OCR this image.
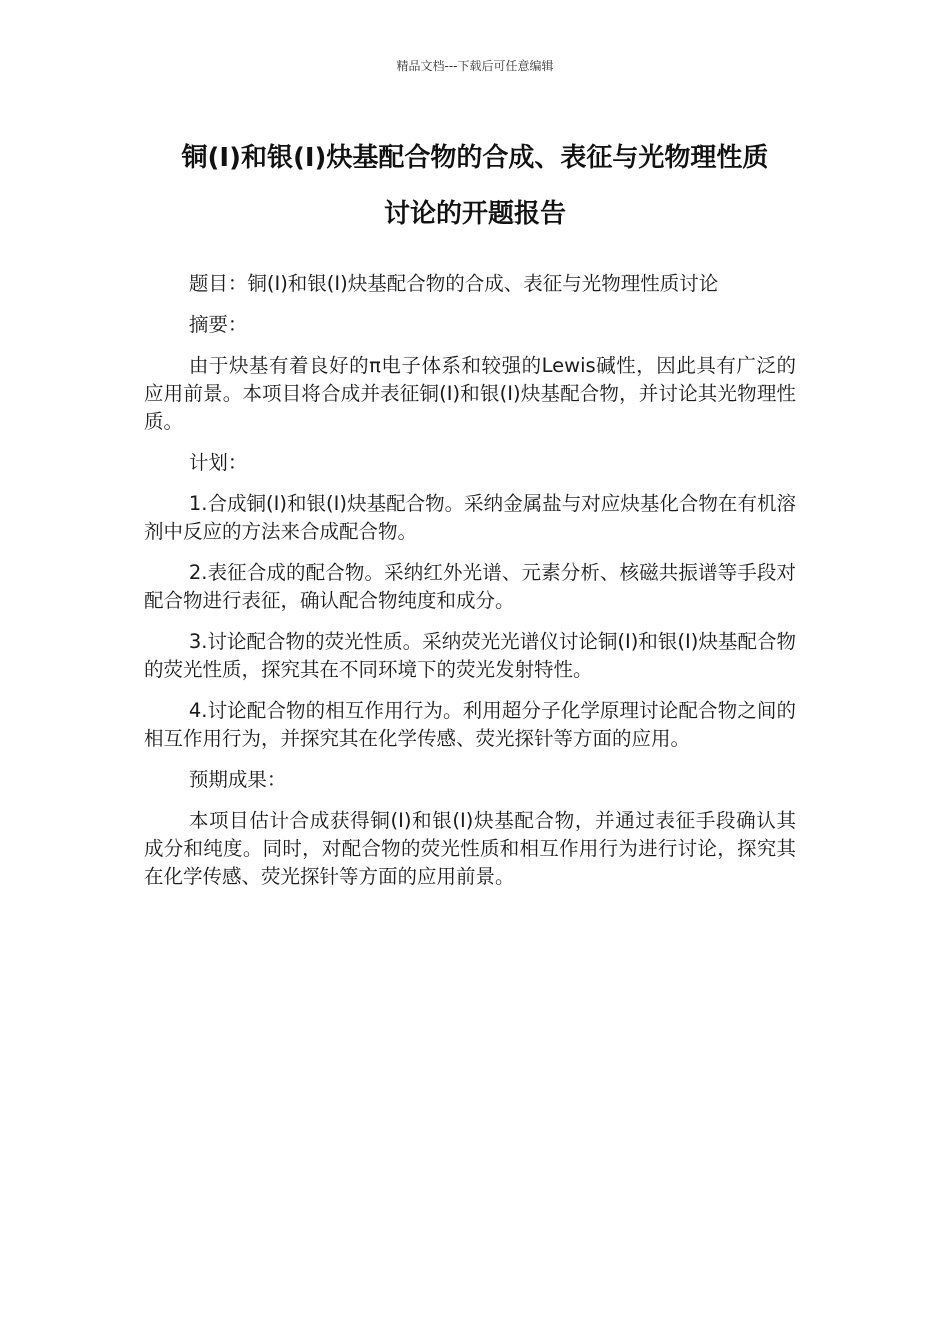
精品文档---下载后可任意编辑
铜(I)和银(I)炔基配合物的合成、表征与光物理性质
讨论的开题报告

题目：铜(I)和银(I)炔基配合物的合成、表征与光物理性质讨论

摘要：

由于炔基有着良好的π电子体系和较强的Lewis碱性，因此具有广泛的应用前景。本项目将合成并表征铜(I)和银(I)炔基配合物，并讨论其光物理性质。

计划：

1.合成铜(I)和银(I)炔基配合物。采纳金属盐与对应炔基化合物在有机溶剂中反应的方法来合成配合物。

2.表征合成的配合物。采纳红外光谱、元素分析、核磁共振谱等手段对配合物进行表征，确认配合物纯度和成分。

3.讨论配合物的荧光性质。采纳荧光光谱仪讨论铜(I)和银(I)炔基配合物的荧光性质，探究其在不同环境下的荧光发射特性。

4.讨论配合物的相互作用行为。利用超分子化学原理讨论配合物之间的相互作用行为，并探究其在化学传感、荧光探针等方面的应用。

预期成果：

本项目估计合成获得铜(I)和银(I)炔基配合物，并通过表征手段确认其成分和纯度。同时，对配合物的荧光性质和相互作用行为进行讨论，探究其在化学传感、荧光探针等方面的应用前景。
